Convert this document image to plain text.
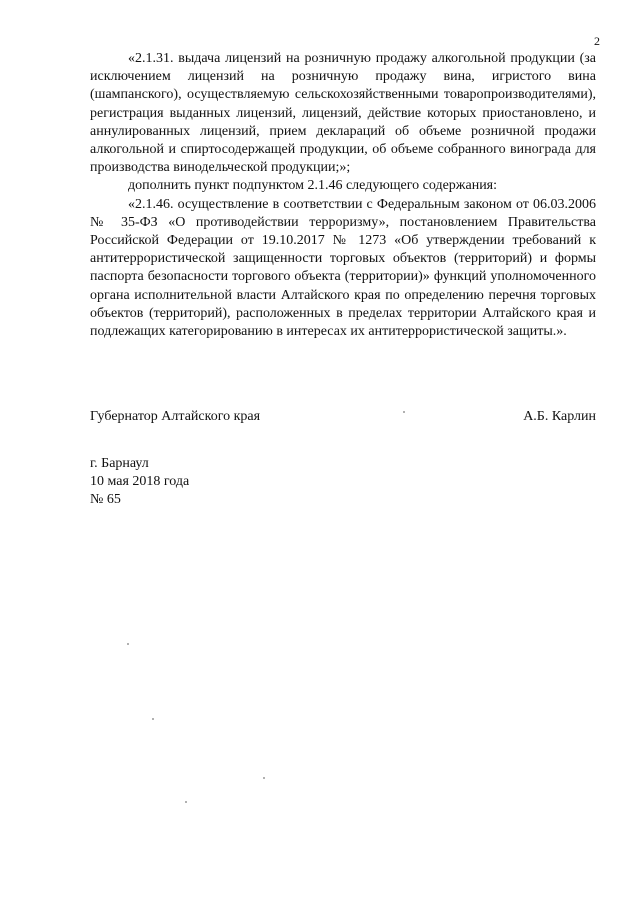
2

«2.1.31. выдача лицензий на розничную продажу алкогольной продукции (за исключением лицензий на розничную продажу вина, игристого вина (шампанского), осуществляемую сельскохозяйственными товаропроизводителями), регистрация выданных лицензий, лицензий, действие которых приостановлено, и аннулированных лицензий, прием деклараций об объеме розничной продажи алкогольной и спиртосодержащей продукции, об объеме собранного винограда для производства винодельческой продукции;»;

дополнить пункт подпунктом 2.1.46 следующего содержания:

«2.1.46. осуществление в соответствии с Федеральным законом от 06.03.2006 № 35-ФЗ «О противодействии терроризму», постановлением Правительства Российской Федерации от 19.10.2017 № 1273 «Об утверждении требований к антитеррористической защищенности торговых объектов (территорий) и формы паспорта безопасности торгового объекта (территории)» функций уполномоченного органа исполнительной власти Алтайского края по определению перечня торговых объектов (территорий), расположенных в пределах территории Алтайского края и подлежащих категорированию в интересах их антитеррористической защиты.».

Губернатор Алтайского края	А.Б. Карлин
г. Барнаул
10 мая 2018 года
№ 65
